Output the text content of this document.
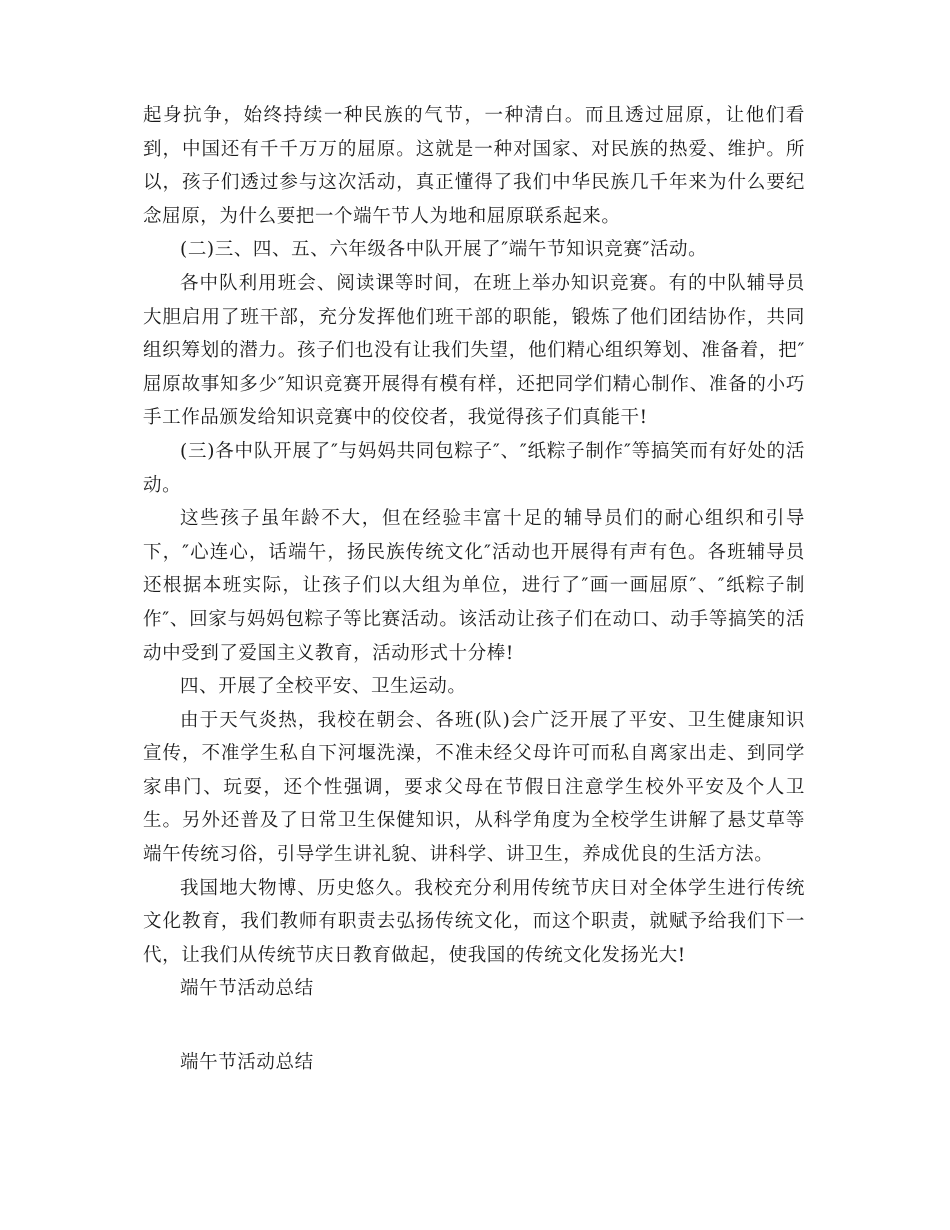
起身抗争，始终持续一种民族的气节，一种清白。而且透过屈原，让他们看到，中国还有千千万万的屈原。这就是一种对国家、对民族的热爱、维护。所以，孩子们透过参与这次活动，真正懂得了我们中华民族几千年来为什么要纪念屈原，为什么要把一个端午节人为地和屈原联系起来。

(二)三、四、五、六年级各中队开展了″端午节知识竞赛″活动。

各中队利用班会、阅读课等时间，在班上举办知识竞赛。有的中队辅导员大胆启用了班干部，充分发挥他们班干部的职能，锻炼了他们团结协作，共同组织筹划的潜力。孩子们也没有让我们失望，他们精心组织筹划、准备着，把″屈原故事知多少″知识竞赛开展得有模有样，还把同学们精心制作、准备的小巧手工作品颁发给知识竞赛中的佼佼者，我觉得孩子们真能干!

(三)各中队开展了″与妈妈共同包粽子″、″纸粽子制作″等搞笑而有好处的活动。

这些孩子虽年龄不大，但在经验丰富十足的辅导员们的耐心组织和引导下，″心连心，话端午，扬民族传统文化″活动也开展得有声有色。各班辅导员还根据本班实际，让孩子们以大组为单位，进行了″画一画屈原″、″纸粽子制作″、回家与妈妈包粽子等比赛活动。该活动让孩子们在动口、动手等搞笑的活动中受到了爱国主义教育，活动形式十分棒!

四、开展了全校平安、卫生运动。

由于天气炎热，我校在朝会、各班(队)会广泛开展了平安、卫生健康知识宣传，不准学生私自下河堰洗澡，不准未经父母许可而私自离家出走、到同学家串门、玩耍，还个性强调，要求父母在节假日注意学生校外平安及个人卫生。另外还普及了日常卫生保健知识，从科学角度为全校学生讲解了悬艾草等端午传统习俗，引导学生讲礼貌、讲科学、讲卫生，养成优良的生活方法。

我国地大物博、历史悠久。我校充分利用传统节庆日对全体学生进行传统文化教育，我们教师有职责去弘扬传统文化，而这个职责，就赋予给我们下一代，让我们从传统节庆日教育做起，使我国的传统文化发扬光大!

端午节活动总结

端午节活动总结
